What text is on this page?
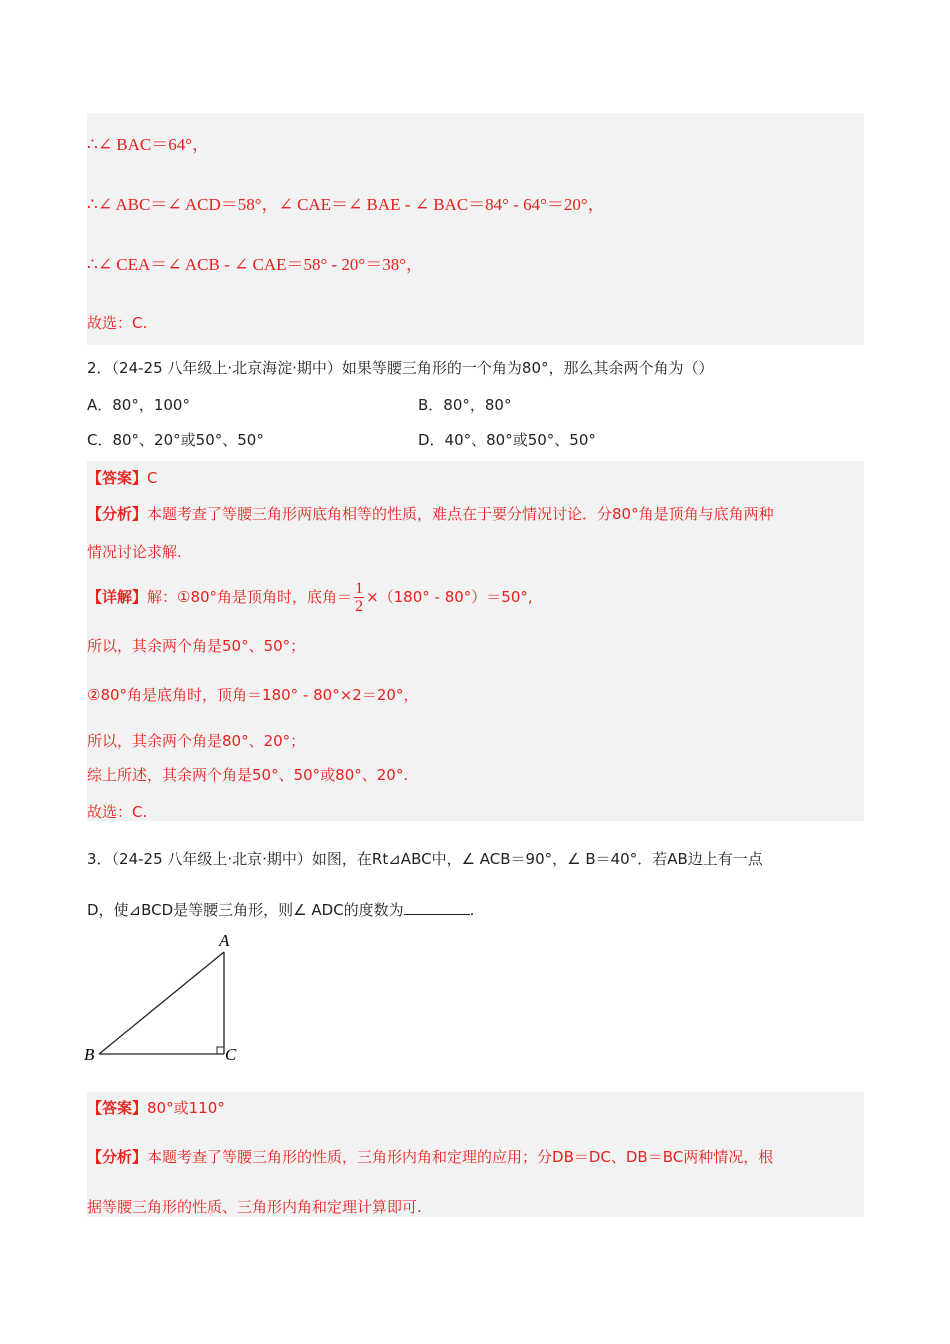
∴∠ BAC＝64°，
∴∠ ABC＝∠ ACD＝58°，∠ CAE＝∠ BAE - ∠ BAC＝84° - 64°＝20°，
∴∠ CEA＝∠ ACB - ∠ CAE＝58° - 20°＝38°，
故选：C.
2．（24-25 八年级上·北京海淀·期中）如果等腰三角形的一个角为80°，那么其余两个角为（）
A．80°，100°	B．80°，80°
C．80°、20°或50°、50°	D．40°、80°或50°、50°
【答案】C
【分析】本题考查了等腰三角形两底角相等的性质，难点在于要分情况讨论．分80°角是顶角与底角两种
情况讨论求解.
【详解】解：①80°角是顶角时，底角＝ $\frac{1}{2} \times(180^\circ - 80^\circ)=50^\circ$,
所以，其余两个角是50°、50°；
②80°角是底角时，顶角＝180° - 80°×2＝20°，
所以，其余两个角是80°、20°；
综上所述，其余两个角是50°、50°或80°、20°.
故选：C.
3．（24-25 八年级上·北京·期中）如图，在Rt⊿ABC中，∠ ACB＝90°，∠ B＝40°．若AB边上有一点
D，使⊿BCD是等腰三角形，则∠ ADC的度数为	.
A
B	C
【答案】80°或110°
【分析】本题考查了等腰三角形的性质，三角形内角和定理的应用；分DB＝DC、DB＝BC两种情况，根
据等腰三角形的性质、三角形内角和定理计算即可.
